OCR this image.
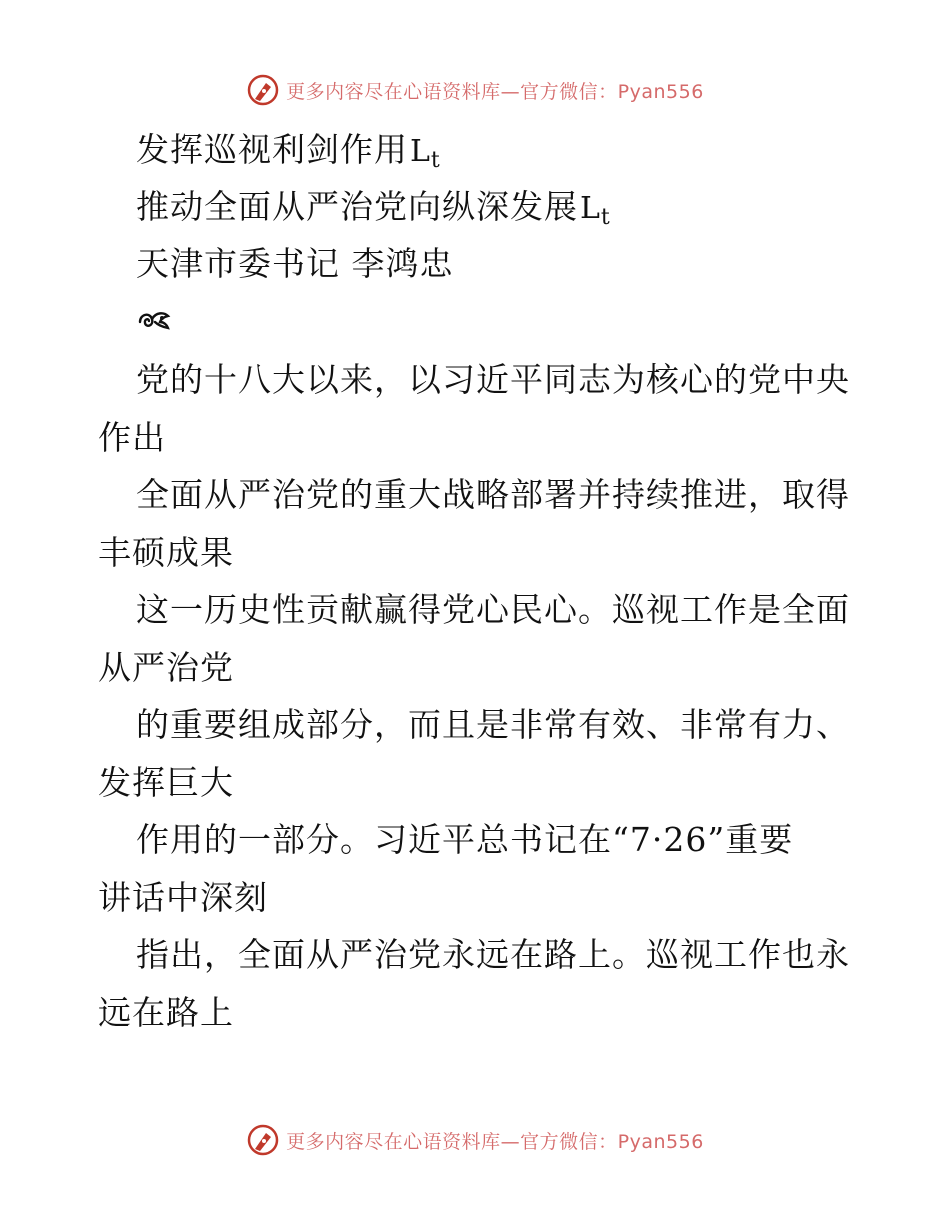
更多内容尽在心语资料库—官方微信：Pyan556
发挥巡视利剑作用$L_t$
推动全面从严治党向纵深发展$L_t$
天津市委书记 李鸿忠
党的十八大以来，以习近平同志为核心的党中央
作出
全面从严治党的重大战略部署并持续推进，取得
丰硕成果
这一历史性贡献赢得党心民心。巡视工作是全面
从严治党
的重要组成部分，而且是非常有效、非常有力、
发挥巨大
作用的一部分。习近平总书记在“7·26”重要
讲话中深刻
指出，全面从严治党永远在路上。巡视工作也永
远在路上
更多内容尽在心语资料库—官方微信：Pyan556
